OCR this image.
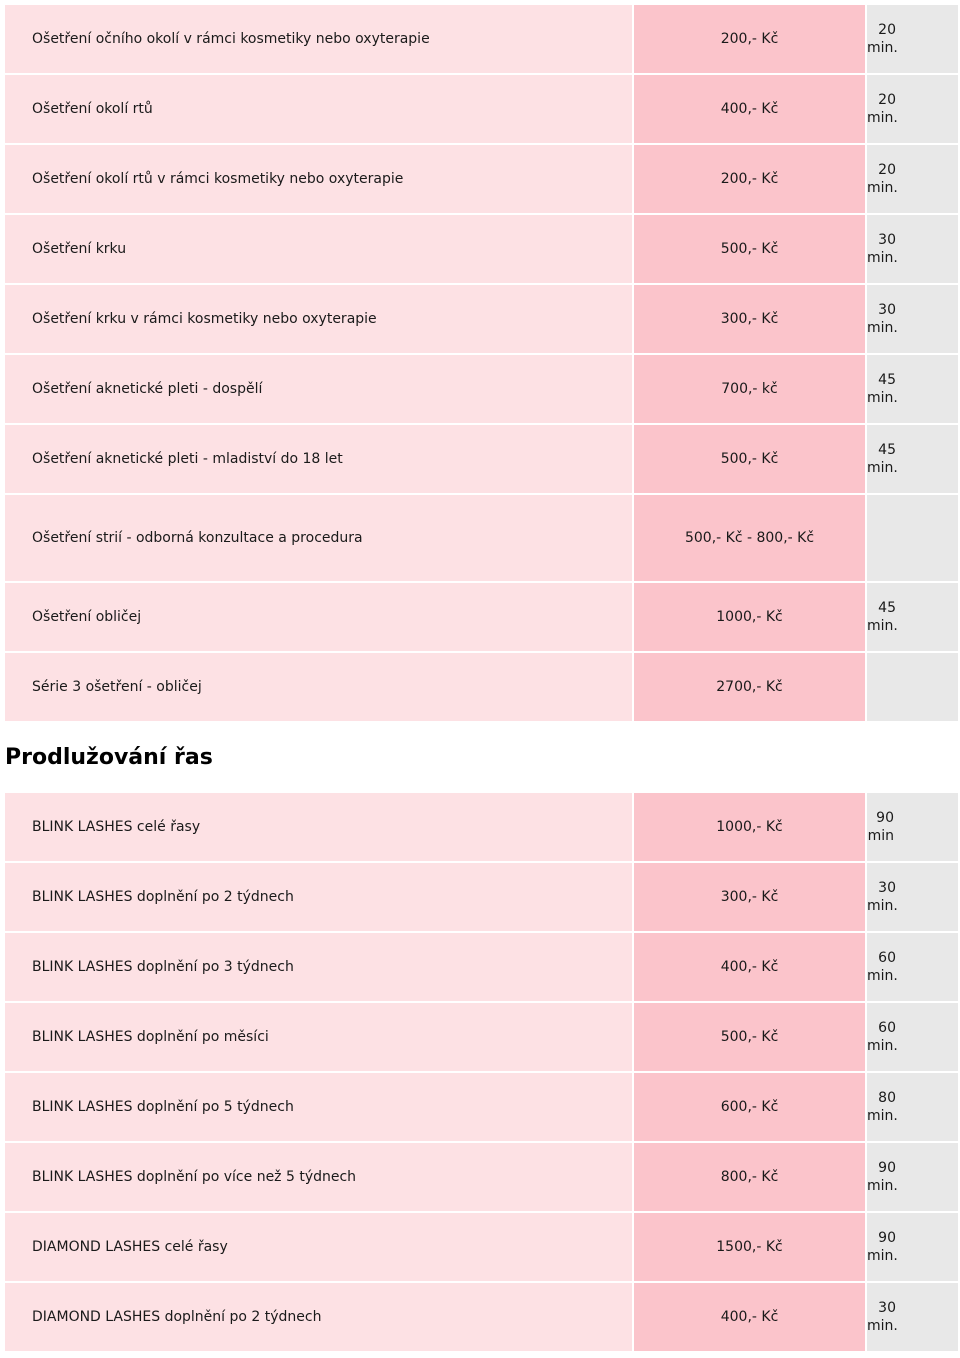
Ošetření očního okolí v rámci kosmetiky nebo oxyterapie	200,- Kč	20 min.
Ošetření okolí rtů	400,- Kč	20 min.
Ošetření okolí rtů v rámci kosmetiky nebo oxyterapie	200,- Kč	20 min.
Ošetření krku	500,- Kč	30 min.
Ošetření krku v rámci kosmetiky nebo oxyterapie	300,- Kč	30 min.
Ošetření aknetické pleti - dospělí	700,- kč	45 min.
Ošetření aknetické pleti - mladiství do 18 let	500,- Kč	45 min.
Ošetření strií - odborná konzultace a procedura	500,- Kč - 800,- Kč	
Ošetření obličej	1000,- Kč	45 min.
Série 3 ošetření - obličej	2700,- Kč	
Prodlužování řas
BLINK LASHES celé řasy	1000,- Kč	90 min
BLINK LASHES doplnění po 2 týdnech	300,- Kč	30 min.
BLINK LASHES doplnění po 3 týdnech	400,- Kč	60 min.
BLINK LASHES doplnění po měsíci	500,- Kč	60 min.
BLINK LASHES doplnění po 5 týdnech	600,- Kč	80 min.
BLINK LASHES doplnění po více než 5 týdnech	800,- Kč	90 min.
DIAMOND LASHES celé řasy	1500,- Kč	90 min.
DIAMOND LASHES doplnění po 2 týdnech	400,- Kč	30 min.
